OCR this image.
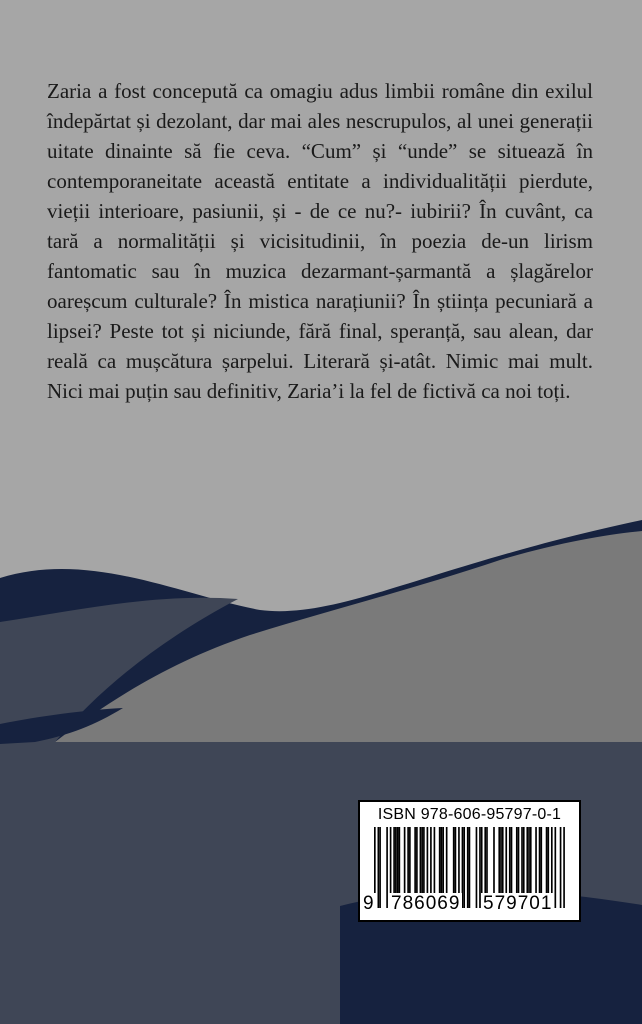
Zaria a fost concepută ca omagiu adus limbii române din exilul îndepărtat și dezolant, dar mai ales nescrupulos, al unei generații uitate dinainte să fie ceva. “Cum” și “unde” se situează în contemporaneitate această entitate a individualității pierdute, vieții interioare, pasiunii, și - de ce nu?- iubirii? În cuvânt, ca tară a normalității și vicisitudinii, în poezia de-un lirism fantomatic sau în muzica dezarmant-șarmantă a șlagărelor oareșcum culturale? În mistica narațiunii? În știința pecuniară a lipsei? Peste tot și niciunde, fără final, speranță, sau alean, dar reală ca mușcătura șarpelui. Literară și-atât. Nimic mai mult. Nici mai puțin sau definitiv, Zaria’i la fel de fictivă ca noi toți.

ISBN 978-606-95797-0-1
9 786069 579701
